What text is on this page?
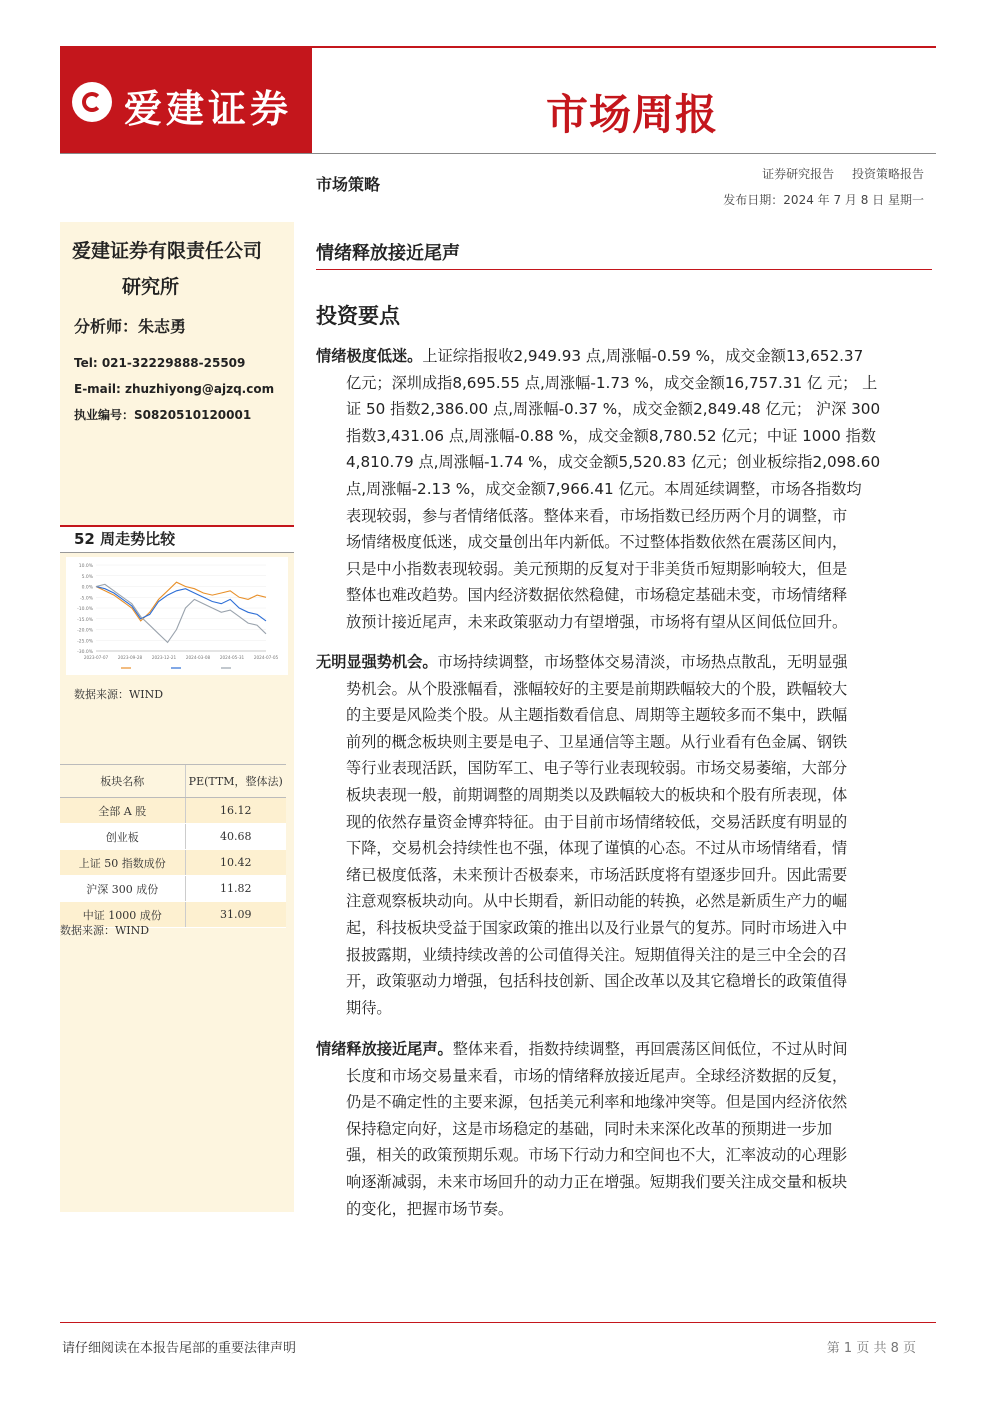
爱建证券	市场周报
市场策略
证券研究报告 投资策略报告
发布日期：2024 年 7 月 8 日 星期一
爱建证券有限责任公司
研究所
分析师：朱志勇
Tel: 021-32229888-25509
E-mail: zhuzhiyong@ajzq.com
执业编号：S0820510120001
52 周走势比较
10.0%
5.0%
0.0%
-5.0%
-10.0%
-15.0%
-20.0%
-25.0%
-30.0%
2023-07-07 2023-09-28 2023-12-21 2024-03-08 2024-05-31 2024-07-05
数据来源：WIND
板块名称	PE(TTM，整体法)
全部 A 股	16.12
创业板	40.68
上证 50 指数成份	10.42
沪深 300 成份	11.82
中证 1000 成份	31.09
数据来源：WIND
情绪释放接近尾声
投资要点
情绪极度低迷。上证综指报收2,949.93 点,周涨幅-0.59 %，成交金额13,652.37
亿元；深圳成指8,695.55 点,周涨幅-1.73 %，成交金额16,757.31 亿 元； 上
证 50 指数2,386.00 点,周涨幅-0.37 %，成交金额2,849.48 亿元； 沪深 300
指数3,431.06 点,周涨幅-0.88 %，成交金额8,780.52 亿元；中证 1000 指数
4,810.79 点,周涨幅-1.74 %，成交金额5,520.83 亿元；创业板综指2,098.60
点,周涨幅-2.13 %，成交金额7,966.41 亿元。本周延续调整，市场各指数均
表现较弱，参与者情绪低落。整体来看，市场指数已经历两个月的调整，市
场情绪极度低迷，成交量创出年内新低。不过整体指数依然在震荡区间内，
只是中小指数表现较弱。美元预期的反复对于非美货币短期影响较大，但是
整体也难改趋势。国内经济数据依然稳健，市场稳定基础未变，市场情绪释
放预计接近尾声，未来政策驱动力有望增强，市场将有望从区间低位回升。
无明显强势机会。市场持续调整，市场整体交易清淡，市场热点散乱，无明显强
势机会。从个股涨幅看，涨幅较好的主要是前期跌幅较大的个股，跌幅较大
的主要是风险类个股。从主题指数看信息、周期等主题较多而不集中，跌幅
前列的概念板块则主要是电子、卫星通信等主题。从行业看有色金属、钢铁
等行业表现活跃，国防军工、电子等行业表现较弱。市场交易萎缩，大部分
板块表现一般，前期调整的周期类以及跌幅较大的板块和个股有所表现，体
现的依然存量资金博弈特征。由于目前市场情绪较低，交易活跃度有明显的
下降，交易机会持续性也不强，体现了谨慎的心态。不过从市场情绪看，情
绪已极度低落，未来预计否极泰来，市场活跃度将有望逐步回升。因此需要
注意观察板块动向。从中长期看，新旧动能的转换，必然是新质生产力的崛
起，科技板块受益于国家政策的推出以及行业景气的复苏。同时市场进入中
报披露期，业绩持续改善的公司值得关注。短期值得关注的是三中全会的召
开，政策驱动力增强，包括科技创新、国企改革以及其它稳增长的政策值得
期待。
情绪释放接近尾声。整体来看，指数持续调整，再回震荡区间低位，不过从时间
长度和市场交易量来看，市场的情绪释放接近尾声。全球经济数据的反复，
仍是不确定性的主要来源，包括美元利率和地缘冲突等。但是国内经济依然
保持稳定向好，这是市场稳定的基础，同时未来深化改革的预期进一步加
强，相关的政策预期乐观。市场下行动力和空间也不大，汇率波动的心理影
响逐渐减弱，未来市场回升的动力正在增强。短期我们要关注成交量和板块
的变化，把握市场节奏。
请仔细阅读在本报告尾部的重要法律声明	第 1 页 共 8 页
